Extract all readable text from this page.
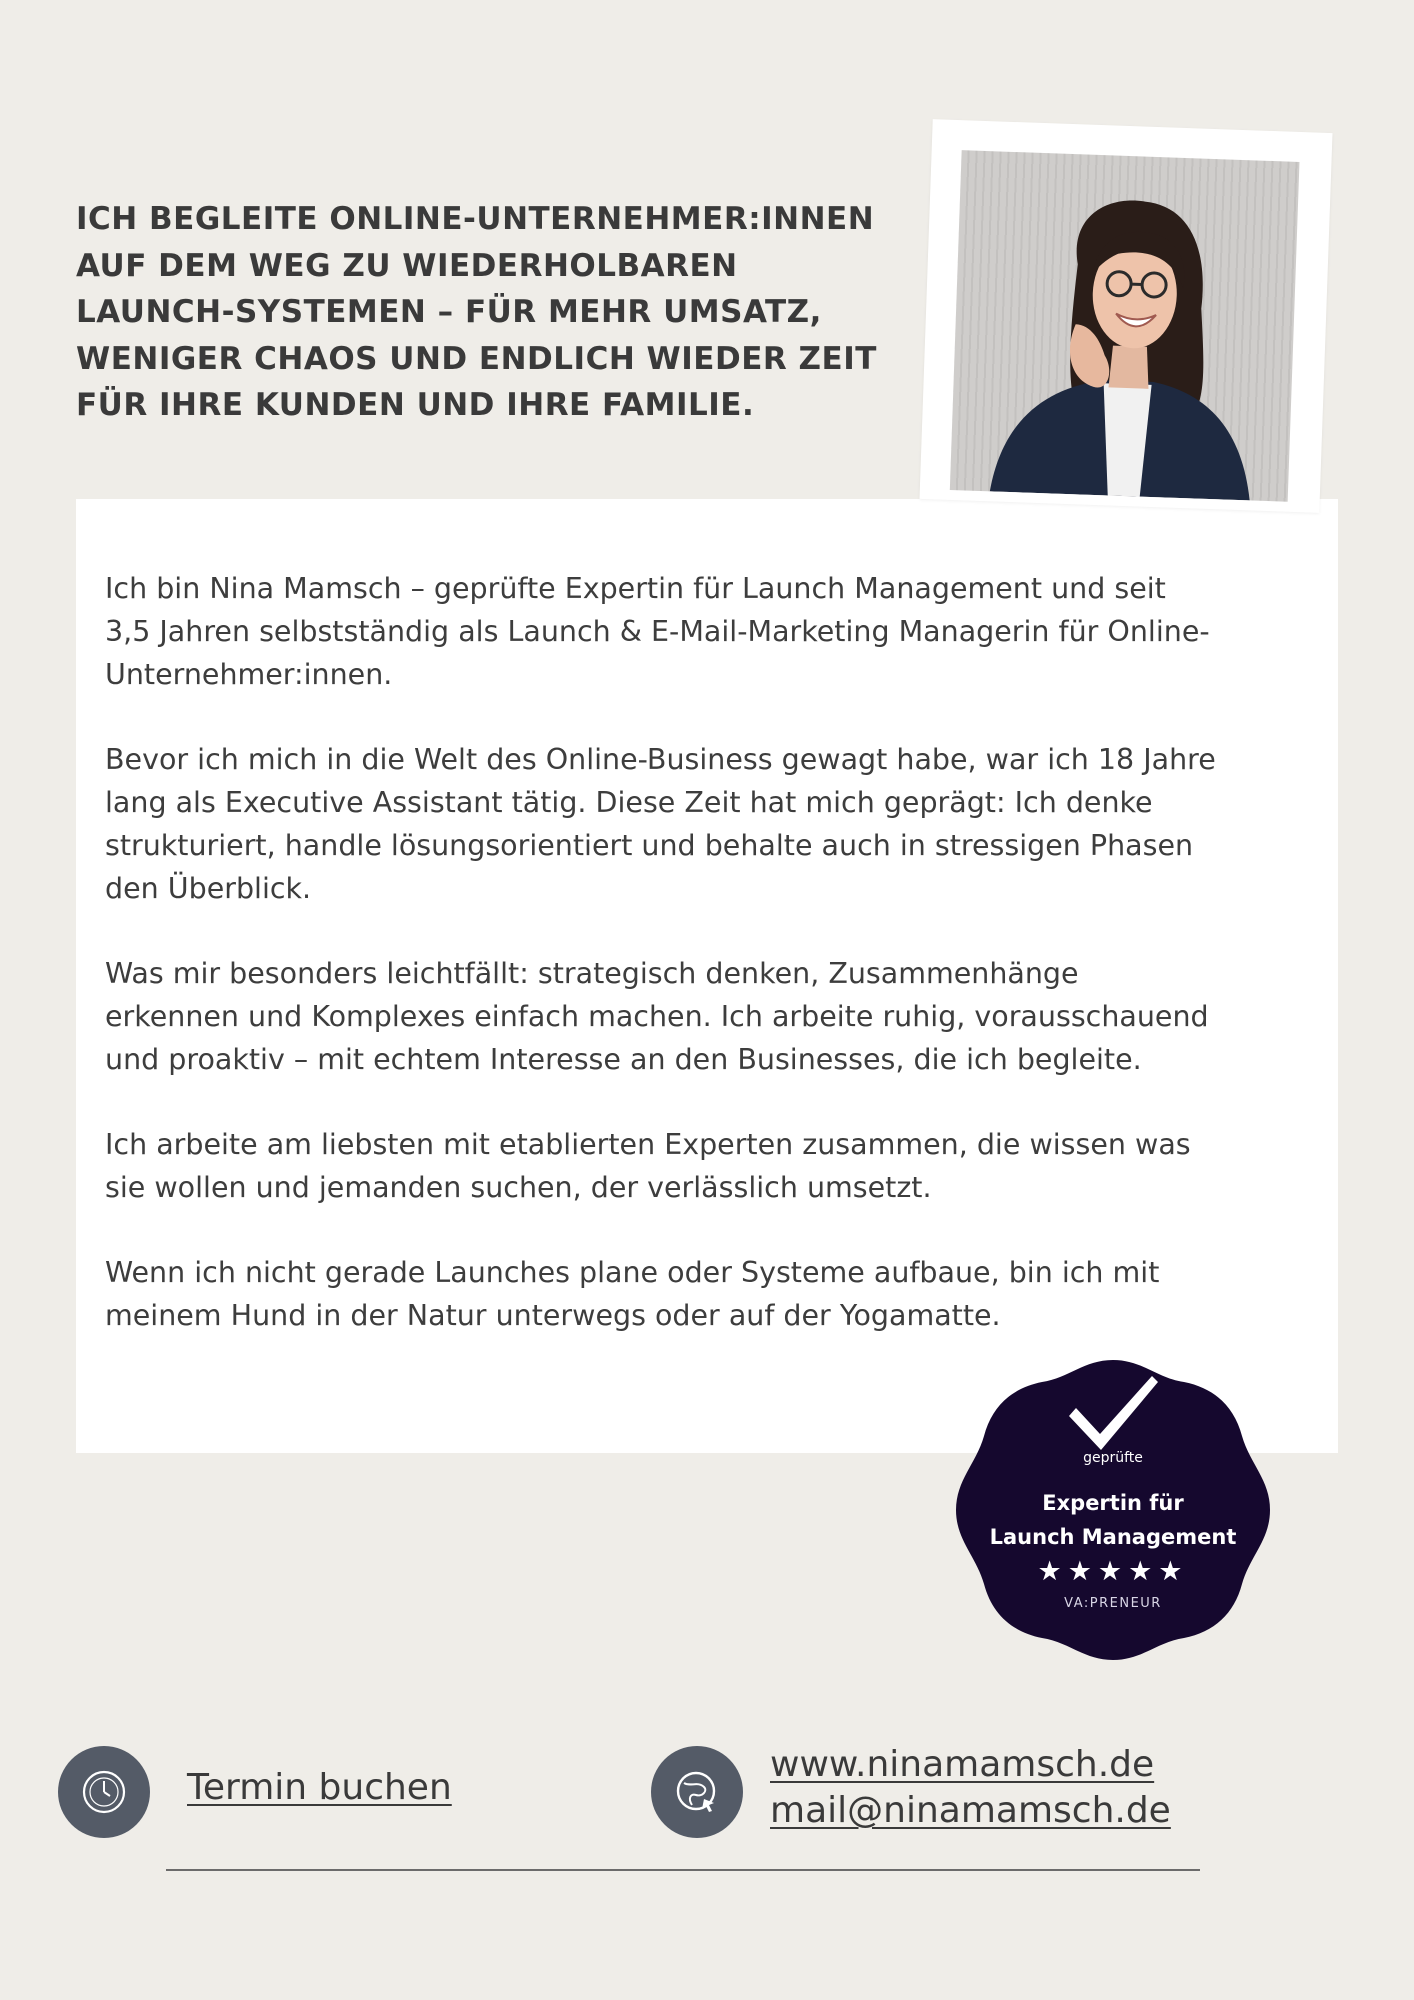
ICH BEGLEITE ONLINE-UNTERNEHMER:INNEN
AUF DEM WEG ZU WIEDERHOLBAREN
LAUNCH-SYSTEMEN – FÜR MEHR UMSATZ,
WENIGER CHAOS UND ENDLICH WIEDER ZEIT
FÜR IHRE KUNDEN UND IHRE FAMILIE.

Ich bin Nina Mamsch – geprüfte Expertin für Launch Management und seit
3,5 Jahren selbstständig als Launch & E-Mail-Marketing Managerin für Online-
Unternehmer:innen.

Bevor ich mich in die Welt des Online-Business gewagt habe, war ich 18 Jahre
lang als Executive Assistant tätig. Diese Zeit hat mich geprägt: Ich denke
strukturiert, handle lösungsorientiert und behalte auch in stressigen Phasen
den Überblick.

Was mir besonders leichtfällt: strategisch denken, Zusammenhänge
erkennen und Komplexes einfach machen. Ich arbeite ruhig, vorausschauend
und proaktiv – mit echtem Interesse an den Businesses, die ich begleite.

Ich arbeite am liebsten mit etablierten Experten zusammen, die wissen was
sie wollen und jemanden suchen, der verlässlich umsetzt.

Wenn ich nicht gerade Launches plane oder Systeme aufbaue, bin ich mit
meinem Hund in der Natur unterwegs oder auf der Yogamatte.

geprüfte
Expertin für
Launch Management
★★★★★
VA:PRENEUR
Termin buchen
www.ninamamsch.de
mail@ninamamsch.de
